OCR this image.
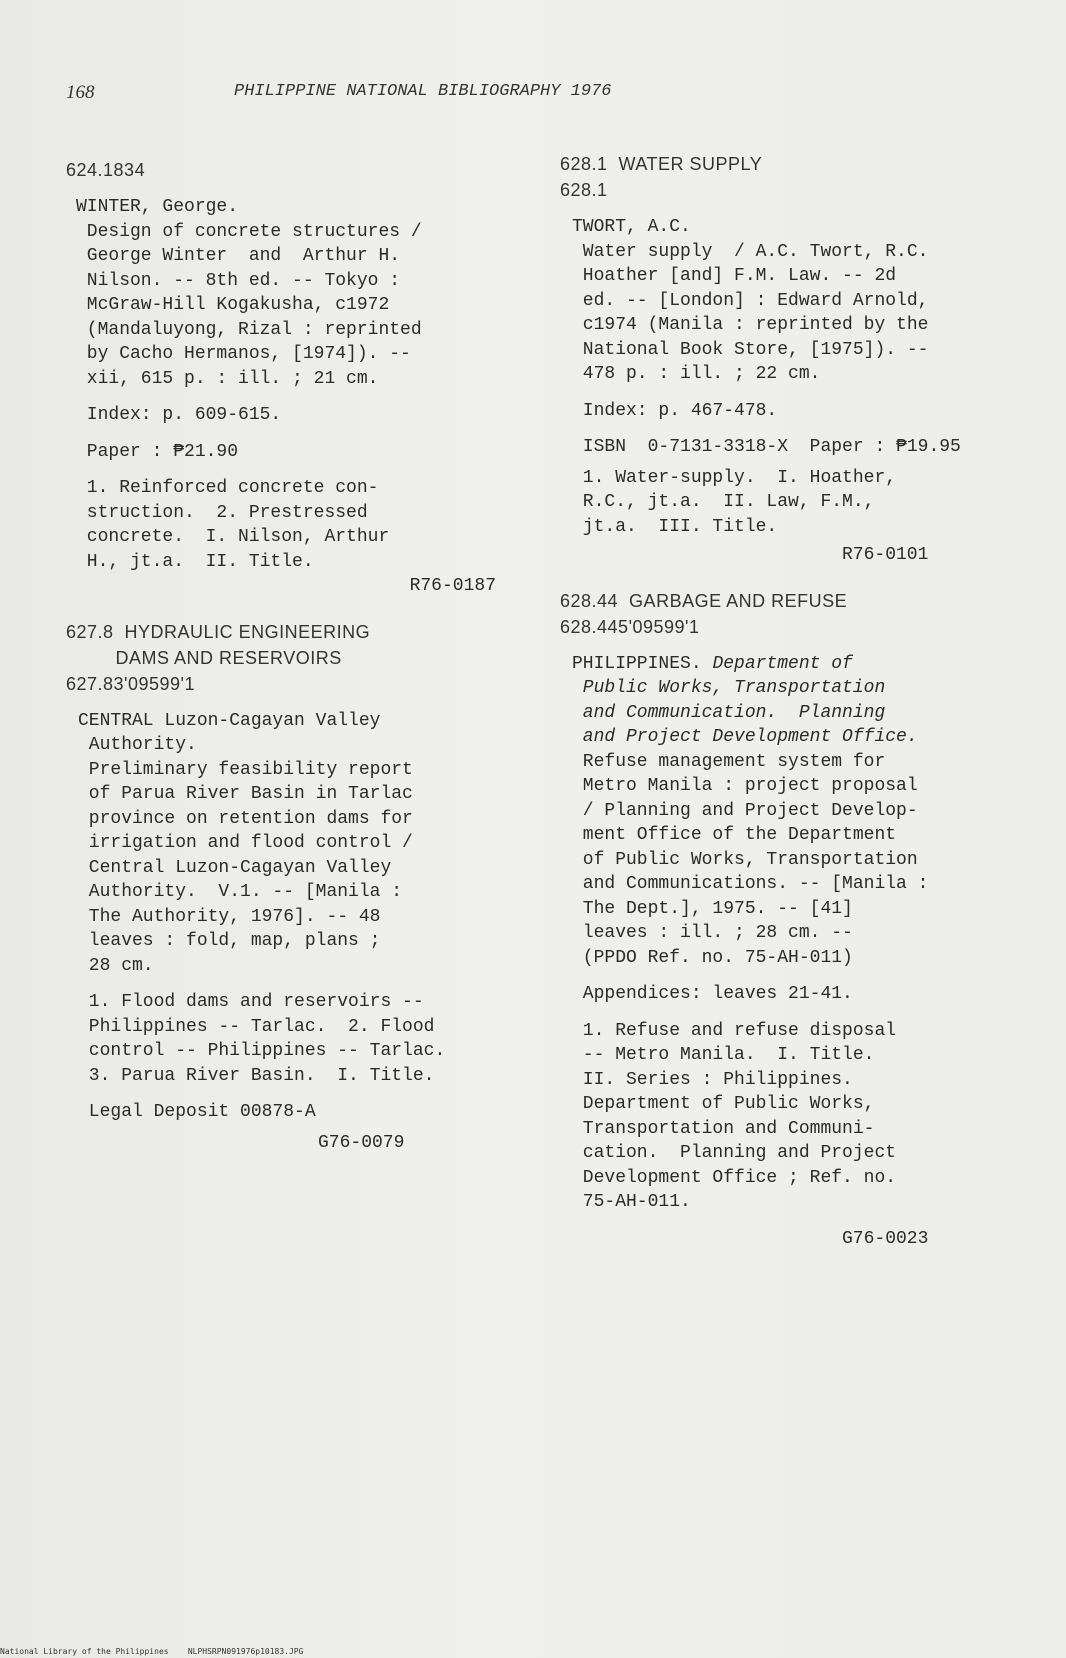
168	PHILIPPINE NATIONAL BIBLIOGRAPHY 1976

624.1834

WINTER, George.

Design of concrete structures /

George Winter  and  Arthur H.

Nilson. -- 8th ed. -- Tokyo :

McGraw-Hill Kogakusha, c1972

(Mandaluyong, Rizal : reprinted

by Cacho Hermanos, [1974]). --

xii, 615 p. : ill. ; 21 cm.

Index: p. 609-615.

Paper : ₱21.90

1. Reinforced concrete con-

struction.  2. Prestressed

concrete.  I. Nilson, Arthur

H., jt.a.  II. Title.

R76-0187

627.8  HYDRAULIC ENGINEERING

DAMS AND RESERVOIRS

627.83'09599'1

CENTRAL Luzon-Cagayan Valley

Authority.

Preliminary feasibility report

of Parua River Basin in Tarlac

province on retention dams for

irrigation and flood control /

Central Luzon-Cagayan Valley

Authority.  V.1. -- [Manila :

The Authority, 1976]. -- 48

leaves : fold, map, plans ;

28 cm.

1. Flood dams and reservoirs --

Philippines -- Tarlac.  2. Flood

control -- Philippines -- Tarlac.

3. Parua River Basin.  I. Title.

Legal Deposit 00878-A

G76-0079

628.1  WATER SUPPLY

628.1

TWORT, A.C.

Water supply  / A.C. Twort, R.C.

Hoather [and] F.M. Law. -- 2d

ed. -- [London] : Edward Arnold,

c1974 (Manila : reprinted by the

National Book Store, [1975]). --

478 p. : ill. ; 22 cm.

Index: p. 467-478.

ISBN  0-7131-3318-X  Paper : ₱19.95

1. Water-supply.  I. Hoather,

R.C., jt.a.  II. Law, F.M.,

jt.a.  III. Title.

R76-0101

628.44  GARBAGE AND REFUSE

628.445'09599'1

PHILIPPINES. Department of

Public Works, Transportation

and Communication.  Planning

and Project Development Office.

Refuse management system for

Metro Manila : project proposal

/ Planning and Project Develop-

ment Office of the Department

of Public Works, Transportation

and Communications. -- [Manila :

The Dept.], 1975. -- [41]

leaves : ill. ; 28 cm. --

(PPDO Ref. no. 75-AH-011)

Appendices: leaves 21-41.

1. Refuse and refuse disposal

-- Metro Manila.  I. Title.

II. Series : Philippines.

Department of Public Works,

Transportation and Communi-

cation.  Planning and Project

Development Office ; Ref. no.

75-AH-011.

G76-0023

National Library of the Philippines    NLPHSRPN091976p10183.JPG
